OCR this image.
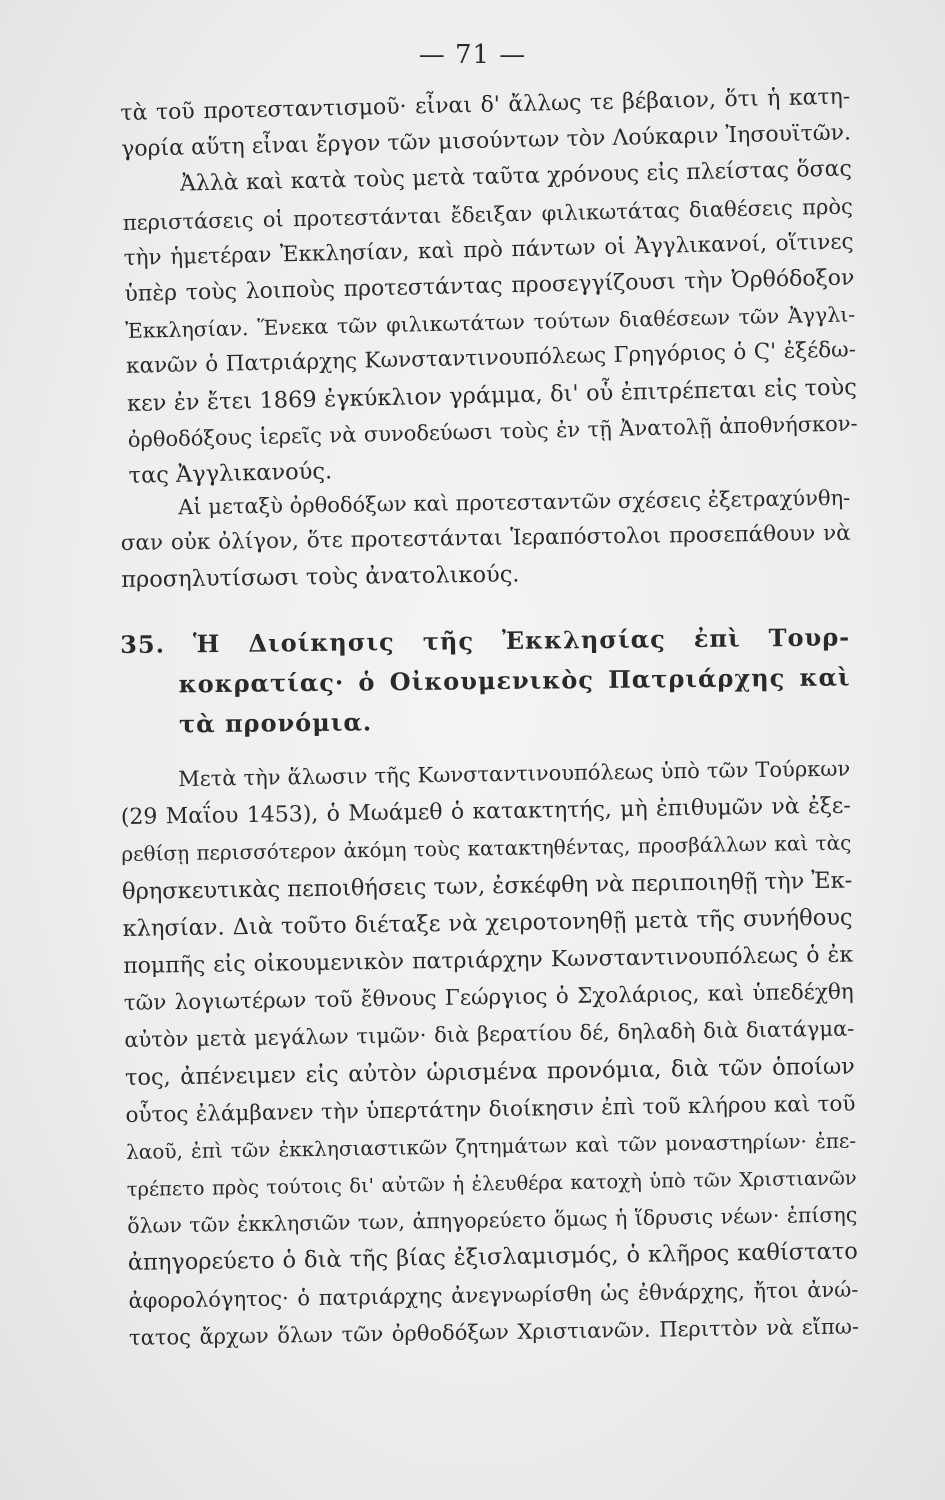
— 71 —
τὰ τοῦ προτεσταντισμοῦ· εἶναι δ' ἄλλως τε βέβαιον, ὅτι ἡ κατη-
γορία αὕτη εἶναι ἔργον τῶν μισούντων τὸν Λούκαριν Ἰησουϊτῶν.
Ἀλλὰ καὶ κατὰ τοὺς μετὰ ταῦτα χρόνους εἰς πλείστας ὅσας
περιστάσεις οἱ προτεστάνται ἔδειξαν φιλικωτάτας διαθέσεις πρὸς
τὴν ἡμετέραν Ἐκκλησίαν, καὶ πρὸ πάντων οἱ Ἀγγλικανοί, οἵτινες
ὑπὲρ τοὺς λοιποὺς προτεστάντας προσεγγίζουσι τὴν Ὀρθόδοξον
Ἐκκλησίαν. Ἕνεκα τῶν φιλικωτάτων τούτων διαθέσεων τῶν Ἀγγλι-
κανῶν ὁ Πατριάρχης Κωνσταντινουπόλεως Γρηγόριος ὁ Ϛ' ἐξέδω-
κεν ἐν ἔτει 1869 ἐγκύκλιον γράμμα, δι' οὗ ἐπιτρέπεται εἰς τοὺς
ὀρθοδόξους ἱερεῖς νὰ συνοδεύωσι τοὺς ἐν τῇ Ἀνατολῇ ἀποθνήσκον-
τας Ἀγγλικανούς.
Αἱ μεταξὺ ὀρθοδόξων καὶ προτεσταντῶν σχέσεις ἐξετραχύνθη-
σαν οὐκ ὀλίγον, ὅτε προτεστάνται Ἱεραπόστολοι προσεπάθουν νὰ
προσηλυτίσωσι τοὺς ἀνατολικούς.
35. Ἡ Διοίκησις τῆς Ἐκκλησίας ἐπὶ Τουρ-
κοκρατίας· ὁ Οἰκουμενικὸς Πατριάρχης καὶ
τὰ προνόμια.
Μετὰ τὴν ἅλωσιν τῆς Κωνσταντινουπόλεως ὑπὸ τῶν Τούρκων
(29 Μαΐου 1453), ὁ Μωάμεθ ὁ κατακτητής, μὴ ἐπιθυμῶν νὰ ἐξε-
ρεθίσῃ περισσότερον ἀκόμη τοὺς κατακτηθέντας, προσβάλλων καὶ τὰς
θρησκευτικὰς πεποιθήσεις των, ἐσκέφθη νὰ περιποιηθῇ τὴν Ἐκ-
κλησίαν. Διὰ τοῦτο διέταξε νὰ χειροτονηθῇ μετὰ τῆς συνήθους
πομπῆς εἰς οἰκουμενικὸν πατριάρχην Κωνσταντινουπόλεως ὁ ἐκ
τῶν λογιωτέρων τοῦ ἔθνους Γεώργιος ὁ Σχολάριος, καὶ ὑπεδέχθη
αὐτὸν μετὰ μεγάλων τιμῶν· διὰ βερατίου δέ, δηλαδὴ διὰ διατάγμα-
τος, ἀπένειμεν εἰς αὐτὸν ὡρισμένα προνόμια, διὰ τῶν ὁποίων
οὗτος ἐλάμβανεν τὴν ὑπερτάτην διοίκησιν ἐπὶ τοῦ κλήρου καὶ τοῦ
λαοῦ, ἐπὶ τῶν ἐκκλησιαστικῶν ζητημάτων καὶ τῶν μοναστηρίων· ἐπε-
τρέπετο πρὸς τούτοις δι' αὐτῶν ἡ ἐλευθέρα κατοχὴ ὑπὸ τῶν Χριστιανῶν
ὅλων τῶν ἐκκλησιῶν των, ἀπηγορεύετο ὅμως ἡ ἵδρυσις νέων· ἐπίσης
ἀπηγορεύετο ὁ διὰ τῆς βίας ἐξισλαμισμός, ὁ κλῆρος καθίστατο
ἀφορολόγητος· ὁ πατριάρχης ἀνεγνωρίσθη ὡς ἐθνάρχης, ἤτοι ἀνώ-
τατος ἄρχων ὅλων τῶν ὀρθοδόξων Χριστιανῶν. Περιττὸν νὰ εἴπω-
